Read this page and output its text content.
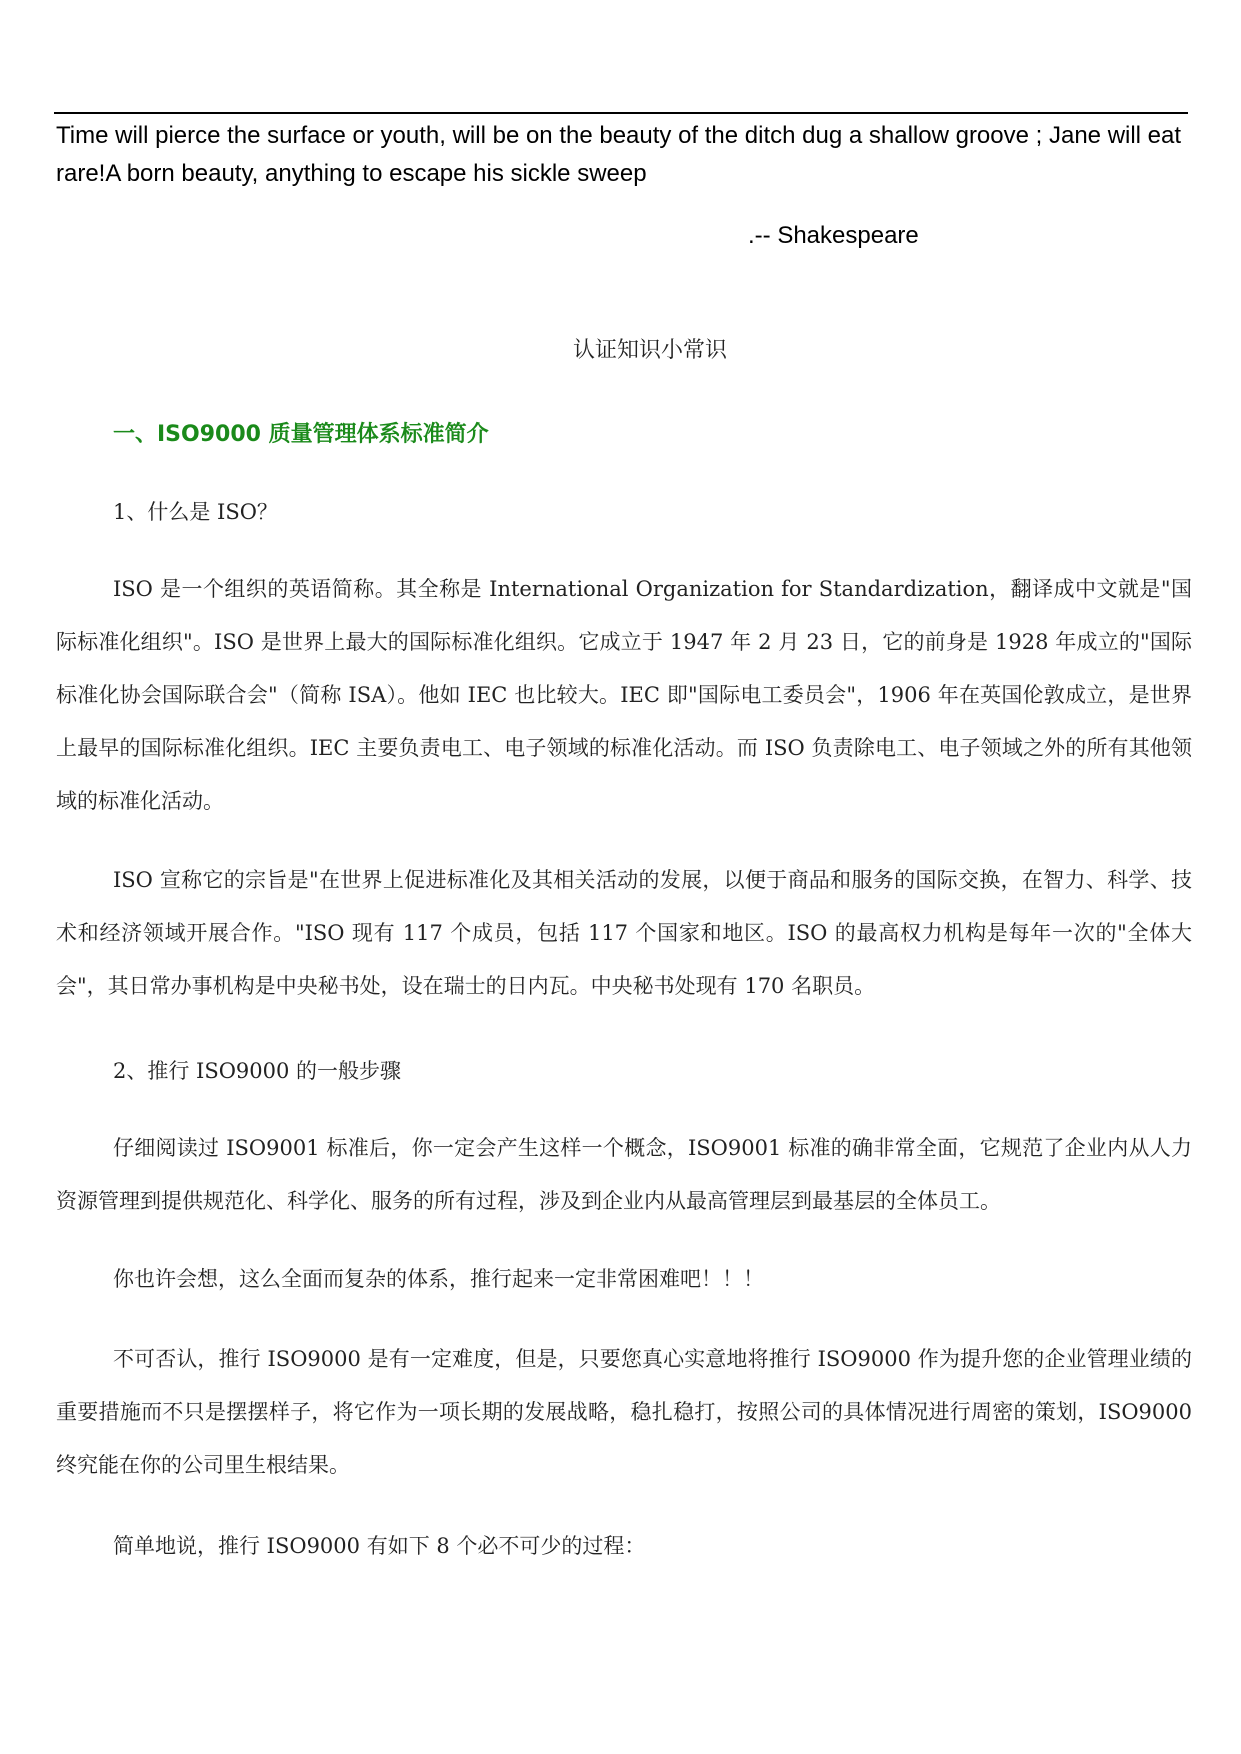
Time will pierce the surface or youth, will be on the beauty of the ditch dug a shallow groove ; Jane will eat rare!A born beauty, anything to escape his sickle sweep

.-- Shakespeare
认证知识小常识
一、ISO9000 质量管理体系标准简介
1、什么是 ISO？

ISO 是一个组织的英语简称。其全称是 International Organization for Standardization，翻译成中文就是"国际标准化组织"。ISO 是世界上最大的国际标准化组织。它成立于 1947 年 2 月 23 日，它的前身是 1928 年成立的"国际标准化协会国际联合会"（简称 ISA）。他如 IEC 也比较大。IEC 即"国际电工委员会"，1906 年在英国伦敦成立，是世界上最早的国际标准化组织。IEC 主要负责电工、电子领域的标准化活动。而 ISO 负责除电工、电子领域之外的所有其他领域的标准化活动。

ISO 宣称它的宗旨是"在世界上促进标准化及其相关活动的发展，以便于商品和服务的国际交换，在智力、科学、技术和经济领域开展合作。"ISO 现有 117 个成员，包括 117 个国家和地区。ISO 的最高权力机构是每年一次的"全体大会"，其日常办事机构是中央秘书处，设在瑞士的日内瓦。中央秘书处现有 170 名职员。

2、推行 ISO9000 的一般步骤

仔细阅读过 ISO9001 标准后，你一定会产生这样一个概念，ISO9001 标准的确非常全面，它规范了企业内从人力资源管理到提供规范化、科学化、服务的所有过程，涉及到企业内从最高管理层到最基层的全体员工。

你也许会想，这么全面而复杂的体系，推行起来一定非常困难吧！！！

不可否认，推行 ISO9000 是有一定难度，但是，只要您真心实意地将推行 ISO9000 作为提升您的企业管理业绩的重要措施而不只是摆摆样子，将它作为一项长期的发展战略，稳扎稳打，按照公司的具体情况进行周密的策划，ISO9000 终究能在你的公司里生根结果。

简单地说，推行 ISO9000 有如下 8 个必不可少的过程：
